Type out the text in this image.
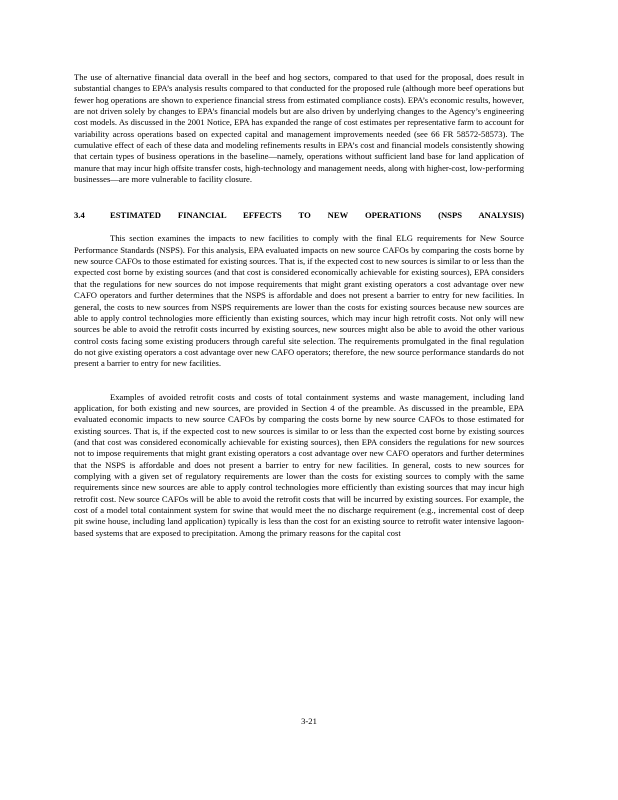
The use of alternative financial data overall in the beef and hog sectors, compared to that used for the proposal, does result in substantial changes to EPA’s analysis results compared to that conducted for the proposed rule (although more beef operations but fewer hog operations are shown to experience financial stress from estimated compliance costs). EPA’s economic results, however, are not driven solely by changes to EPA’s financial models but are also driven by underlying changes to the Agency’s engineering cost models. As discussed in the 2001 Notice, EPA has expanded the range of cost estimates per representative farm to account for variability across operations based on expected capital and management improvements needed (see 66 FR 58572-58573). The cumulative effect of each of these data and modeling refinements results in EPA’s cost and financial models consistently showing that certain types of business operations in the baseline—namely, operations without sufficient land base for land application of manure that may incur high offsite transfer costs, high-technology and management needs, along with higher-cost, low-performing businesses—are more vulnerable to facility closure.

3.4	ESTIMATED FINANCIAL EFFECTS TO NEW OPERATIONS (NSPS ANALYSIS)

This section examines the impacts to new facilities to comply with the final ELG requirements for New Source Performance Standards (NSPS). For this analysis, EPA evaluated impacts on new source CAFOs by comparing the costs borne by new source CAFOs to those estimated for existing sources. That is, if the expected cost to new sources is similar to or less than the expected cost borne by existing sources (and that cost is considered economically achievable for existing sources), EPA considers that the regulations for new sources do not impose requirements that might grant existing operators a cost advantage over new CAFO operators and further determines that the NSPS is affordable and does not present a barrier to entry for new facilities. In general, the costs to new sources from NSPS requirements are lower than the costs for existing sources because new sources are able to apply control technologies more efficiently than existing sources, which may incur high retrofit costs. Not only will new sources be able to avoid the retrofit costs incurred by existing sources, new sources might also be able to avoid the other various control costs facing some existing producers through careful site selection. The requirements promulgated in the final regulation do not give existing operators a cost advantage over new CAFO operators; therefore, the new source performance standards do not present a barrier to entry for new facilities.

Examples of avoided retrofit costs and costs of total containment systems and waste management, including land application, for both existing and new sources, are provided in Section 4 of the preamble. As discussed in the preamble, EPA evaluated economic impacts to new source CAFOs by comparing the costs borne by new source CAFOs to those estimated for existing sources. That is, if the expected cost to new sources is similar to or less than the expected cost borne by existing sources (and that cost was considered economically achievable for existing sources), then EPA considers the regulations for new sources not to impose requirements that might grant existing operators a cost advantage over new CAFO operators and further determines that the NSPS is affordable and does not present a barrier to entry for new facilities. In general, costs to new sources for complying with a given set of regulatory requirements are lower than the costs for existing sources to comply with the same requirements since new sources are able to apply control technologies more efficiently than existing sources that may incur high retrofit cost. New source CAFOs will be able to avoid the retrofit costs that will be incurred by existing sources. For example, the cost of a model total containment system for swine that would meet the no discharge requirement (e.g., incremental cost of deep pit swine house, including land application) typically is less than the cost for an existing source to retrofit water intensive lagoon-based systems that are exposed to precipitation. Among the primary reasons for the capital cost

3-21
